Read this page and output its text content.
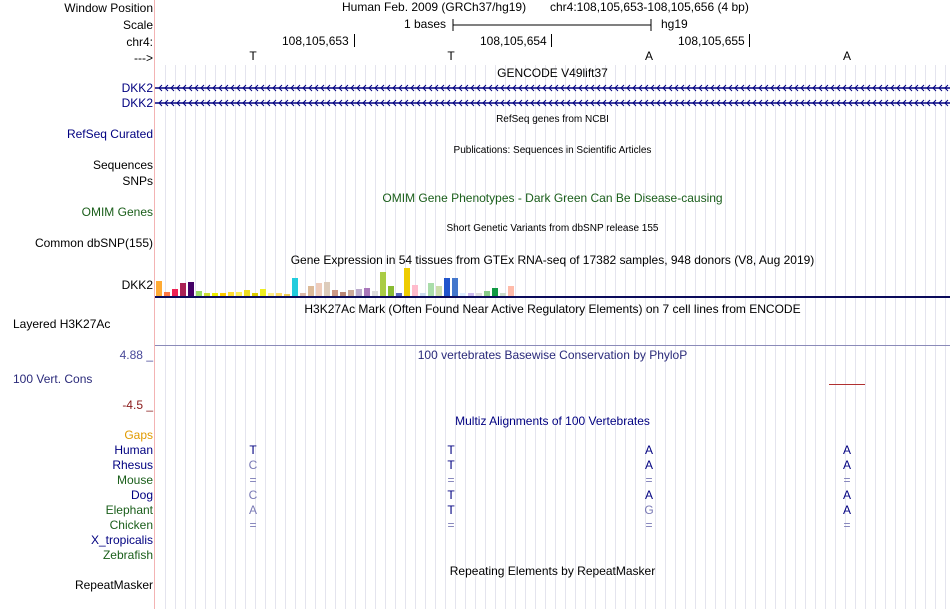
Window Position	Human Feb. 2009 (GRCh37/hg19) chr4:108,105,653-108,105,656 (4 bp)
Scale	1 bases	hg19
chr4:	108,105,653	108,105,654	108,105,655
--->	T	T	A	A
GENCODE V49lift37
DKK2
DKK2
RefSeq genes from NCBI
RefSeq Curated
Publications: Sequences in Scientific Articles
Sequences
SNPs
OMIM Gene Phenotypes - Dark Green Can Be Disease-causing
OMIM Genes
Short Genetic Variants from dbSNP release 155
Common dbSNP(155)
Gene Expression in 54 tissues from GTEx RNA-seq of 17382 samples, 948 donors (V8, Aug 2019)
DKK2
H3K27Ac Mark (Often Found Near Active Regulatory Elements) on 7 cell lines from ENCODE
Layered H3K27Ac
4.88 _	100 vertebrates Basewise Conservation by PhyloP
100 Vert. Cons
-4.5 _
Multiz Alignments of 100 Vertebrates
Gaps
Human	T	T	A	A
Rhesus	C	T	A	A
Mouse	=	=	=	=
Dog	C	T	A	A
Elephant	A	T	G	A
Chicken	=	=	=	=
X_tropicalis
Zebrafish
Repeating Elements by RepeatMasker
RepeatMasker
